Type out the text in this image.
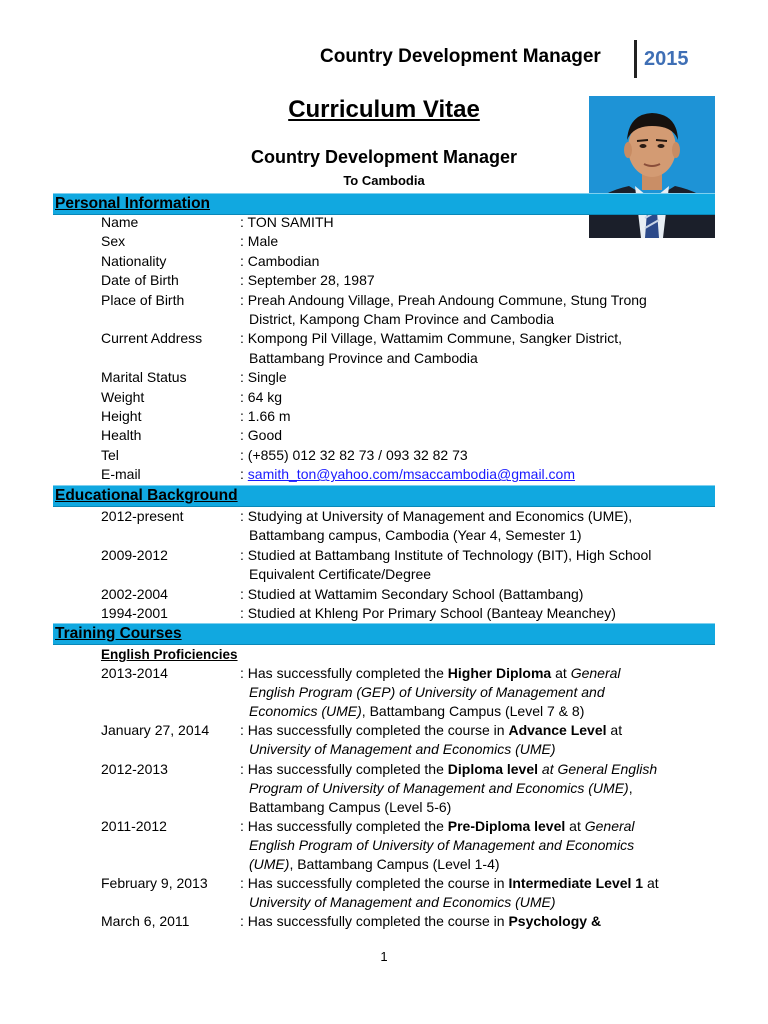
Country Development Manager 2015
Curriculum Vitae
Country Development Manager
To Cambodia
Personal Information
Name	: TON SAMITH
Sex	: Male
Nationality	: Cambodian
Date of Birth	: September 28, 1987
Place of Birth	: Preah Andoung Village, Preah Andoung Commune, Stung Trong
District, Kampong Cham Province and Cambodia
Current Address	: Kompong Pil Village, Wattamim Commune, Sangker District,
Battambang Province and Cambodia
Marital Status	: Single
Weight	: 64 kg
Height	: 1.66 m
Health	: Good
Tel	: (+855) 012 32 82 73 / 093 32 82 73
E-mail	: samith_ton@yahoo.com/msaccambodia@gmail.com
Educational Background
2012-present	: Studying at University of Management and Economics (UME),
Battambang campus, Cambodia (Year 4, Semester 1)
2009-2012	: Studied at Battambang Institute of Technology (BIT), High School
Equivalent Certificate/Degree
2002-2004	: Studied at Wattamim Secondary School (Battambang)
1994-2001	: Studied at Khleng Por Primary School (Banteay Meanchey)
Training Courses
English Proficiencies
2013-2014	: Has successfully completed the Higher Diploma at General
English Program (GEP) of University of Management and
Economics (UME), Battambang Campus (Level 7 & 8)
January 27, 2014 : Has successfully completed the course in Advance Level at
University of Management and Economics (UME)
2012-2013	: Has successfully completed the Diploma level at General English
Program of University of Management and Economics (UME),
Battambang Campus (Level 5-6)
2011-2012	: Has successfully completed the Pre-Diploma level at General
English Program of University of Management and Economics
(UME), Battambang Campus (Level 1-4)
February 9, 2013 : Has successfully completed the course in Intermediate Level 1 at
University of Management and Economics (UME)
March 6, 2011	: Has successfully completed the course in Psychology &
1
